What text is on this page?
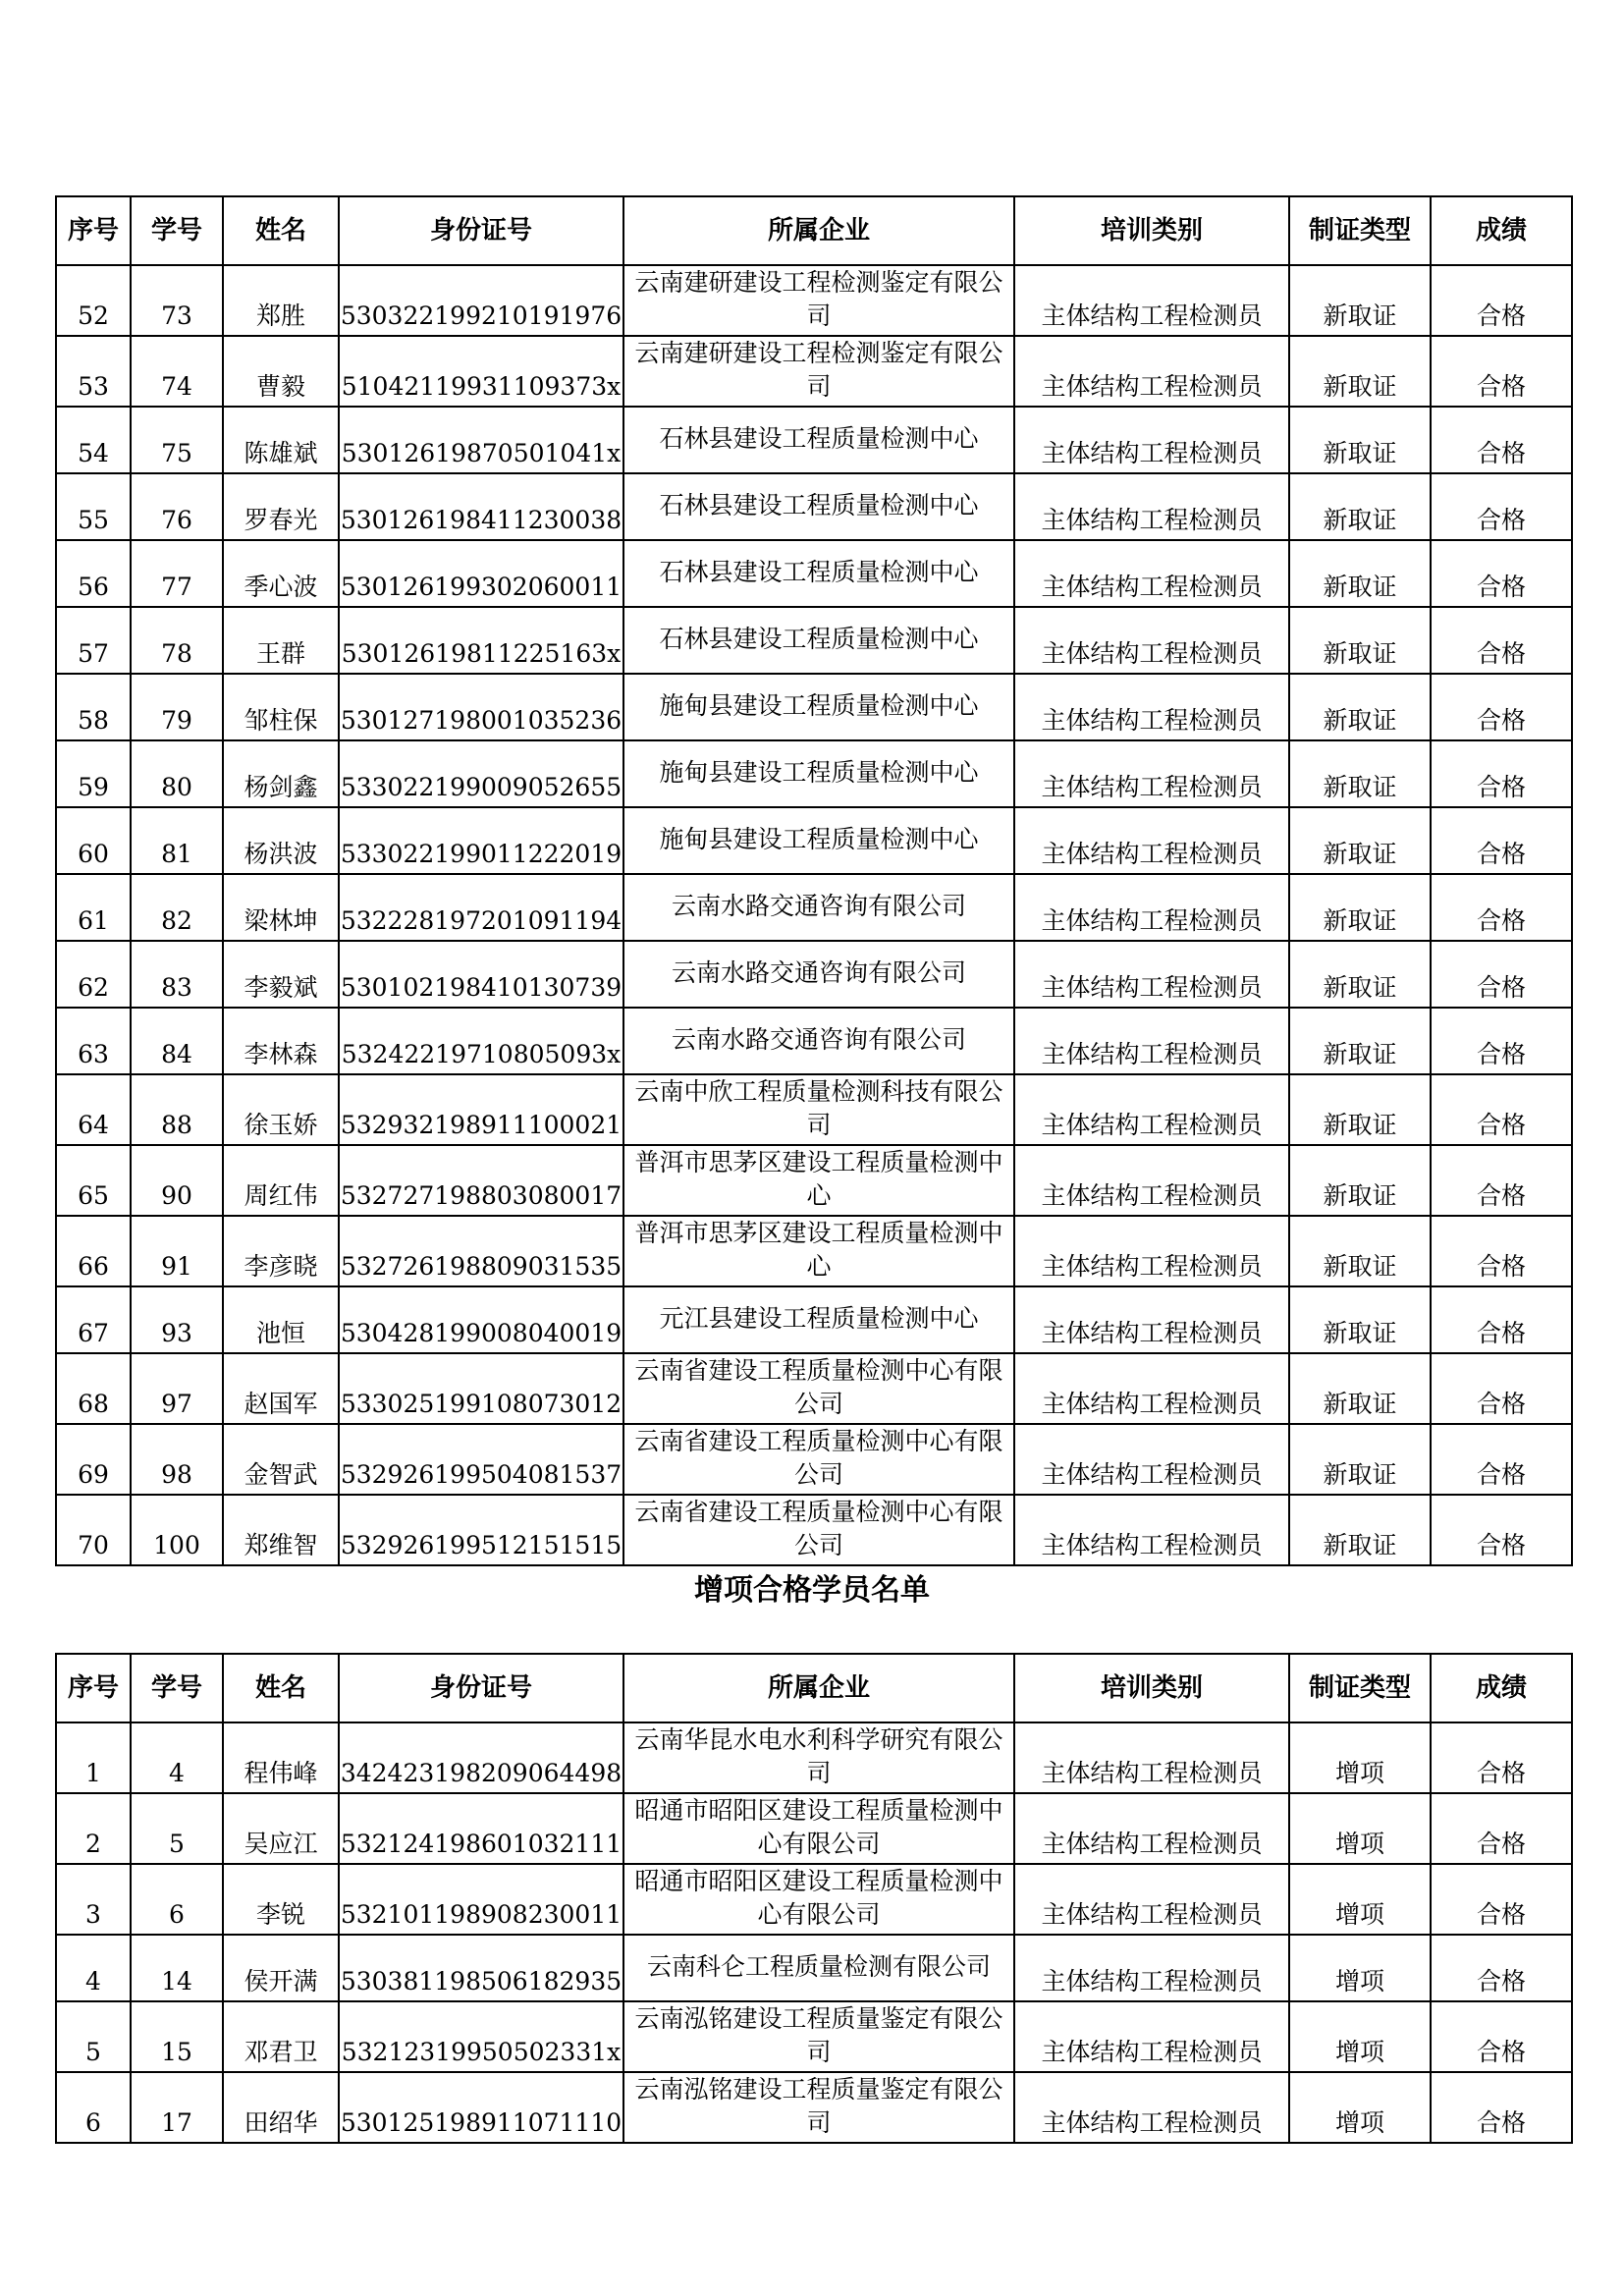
序号	学号	姓名	身份证号	所属企业	培训类别	制证类型	成绩
52	73	郑胜	530322199210191976	云南建研建设工程检测鉴定有限公司	主体结构工程检测员	新取证	合格
53	74	曹毅	51042119931109373x	云南建研建设工程检测鉴定有限公司	主体结构工程检测员	新取证	合格
54	75	陈雄斌	53012619870501041x	石林县建设工程质量检测中心	主体结构工程检测员	新取证	合格
55	76	罗春光	530126198411230038	石林县建设工程质量检测中心	主体结构工程检测员	新取证	合格
56	77	季心波	530126199302060011	石林县建设工程质量检测中心	主体结构工程检测员	新取证	合格
57	78	王群	53012619811225163x	石林县建设工程质量检测中心	主体结构工程检测员	新取证	合格
58	79	邹柱保	530127198001035236	施甸县建设工程质量检测中心	主体结构工程检测员	新取证	合格
59	80	杨剑鑫	533022199009052655	施甸县建设工程质量检测中心	主体结构工程检测员	新取证	合格
60	81	杨洪波	533022199011222019	施甸县建设工程质量检测中心	主体结构工程检测员	新取证	合格
61	82	梁林坤	532228197201091194	云南水路交通咨询有限公司	主体结构工程检测员	新取证	合格
62	83	李毅斌	530102198410130739	云南水路交通咨询有限公司	主体结构工程检测员	新取证	合格
63	84	李林森	53242219710805093x	云南水路交通咨询有限公司	主体结构工程检测员	新取证	合格
64	88	徐玉娇	532932198911100021	云南中欣工程质量检测科技有限公司	主体结构工程检测员	新取证	合格
65	90	周红伟	532727198803080017	普洱市思茅区建设工程质量检测中心	主体结构工程检测员	新取证	合格
66	91	李彦晓	532726198809031535	普洱市思茅区建设工程质量检测中心	主体结构工程检测员	新取证	合格
67	93	池恒	530428199008040019	元江县建设工程质量检测中心	主体结构工程检测员	新取证	合格
68	97	赵国军	533025199108073012	云南省建设工程质量检测中心有限公司	主体结构工程检测员	新取证	合格
69	98	金智武	532926199504081537	云南省建设工程质量检测中心有限公司	主体结构工程检测员	新取证	合格
70	100	郑维智	532926199512151515	云南省建设工程质量检测中心有限公司	主体结构工程检测员	新取证	合格
增项合格学员名单
序号	学号	姓名	身份证号	所属企业	培训类别	制证类型	成绩
1	4	程伟峰	342423198209064498	云南华昆水电水利科学研究有限公司	主体结构工程检测员	增项	合格
2	5	吴应江	532124198601032111	昭通市昭阳区建设工程质量检测中心有限公司	主体结构工程检测员	增项	合格
3	6	李锐	532101198908230011	昭通市昭阳区建设工程质量检测中心有限公司	主体结构工程检测员	增项	合格
4	14	侯开满	530381198506182935	云南科仑工程质量检测有限公司	主体结构工程检测员	增项	合格
5	15	邓君卫	53212319950502331x	云南泓铭建设工程质量鉴定有限公司	主体结构工程检测员	增项	合格
6	17	田绍华	530125198911071110	云南泓铭建设工程质量鉴定有限公司	主体结构工程检测员	增项	合格
